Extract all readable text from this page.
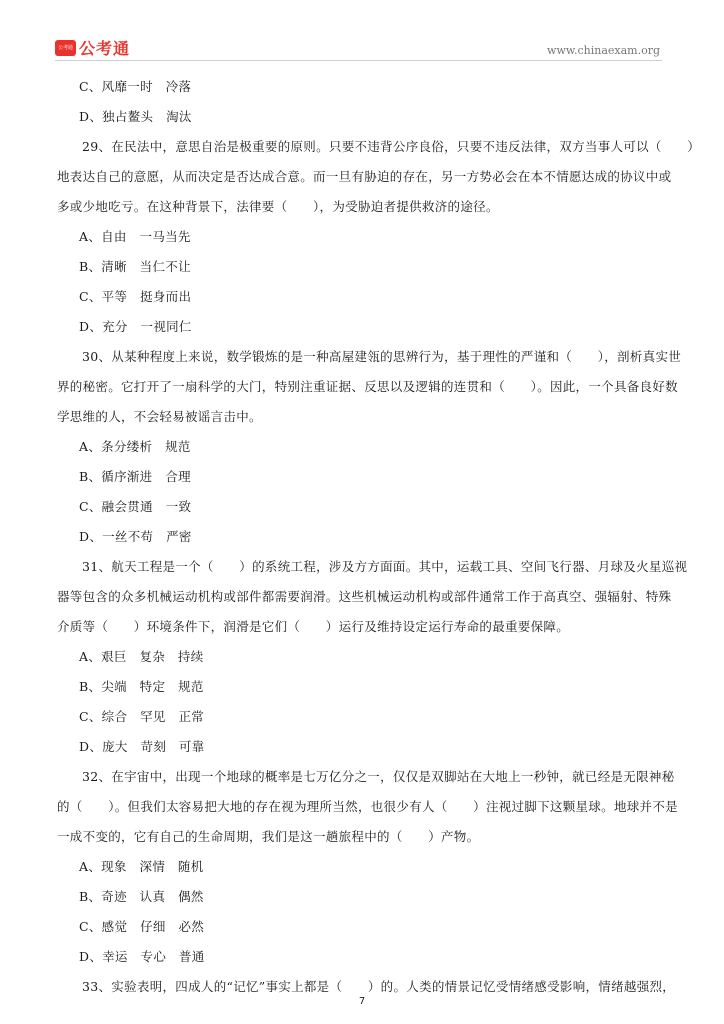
公考通 公考通	www.chinaexam.org
C、风靡一时　冷落
D、独占鳌头　淘汰
29、在民法中，意思自治是极重要的原则。只要不违背公序良俗，只要不违反法律，双方当事人可以（　　）
地表达自己的意愿，从而决定是否达成合意。而一旦有胁迫的存在，另一方势必会在本不情愿达成的协议中或
多或少地吃亏。在这种背景下，法律要（　　），为受胁迫者提供救济的途径。
A、自由　一马当先
B、清晰　当仁不让
C、平等　挺身而出
D、充分　一视同仁
30、从某种程度上来说，数学锻炼的是一种高屋建瓴的思辨行为，基于理性的严谨和（　　），剖析真实世
界的秘密。它打开了一扇科学的大门，特别注重证据、反思以及逻辑的连贯和（　　）。因此，一个具备良好数
学思维的人，不会轻易被谣言击中。
A、条分缕析　规范
B、循序渐进　合理
C、融会贯通　一致
D、一丝不苟　严密
31、航天工程是一个（　　）的系统工程，涉及方方面面。其中，运载工具、空间飞行器、月球及火星巡视
器等包含的众多机械运动机构或部件都需要润滑。这些机械运动机构或部件通常工作于高真空、强辐射、特殊
介质等（　　）环境条件下，润滑是它们（　　）运行及维持设定运行寿命的最重要保障。
A、艰巨　复杂　持续
B、尖端　特定　规范
C、综合　罕见　正常
D、庞大　苛刻　可靠
32、在宇宙中，出现一个地球的概率是七万亿分之一，仅仅是双脚站在大地上一秒钟，就已经是无限神秘
的（　　）。但我们太容易把大地的存在视为理所当然，也很少有人（　　）注视过脚下这颗星球。地球并不是
一成不变的，它有自己的生命周期，我们是这一趟旅程中的（　　）产物。
A、现象　深情　随机
B、奇迹　认真　偶然
C、感觉　仔细　必然
D、幸运　专心　普通
33、实验表明，四成人的“记忆”事实上都是（　　）的。人类的情景记忆受情绪感受影响，情绪越强烈，
7
